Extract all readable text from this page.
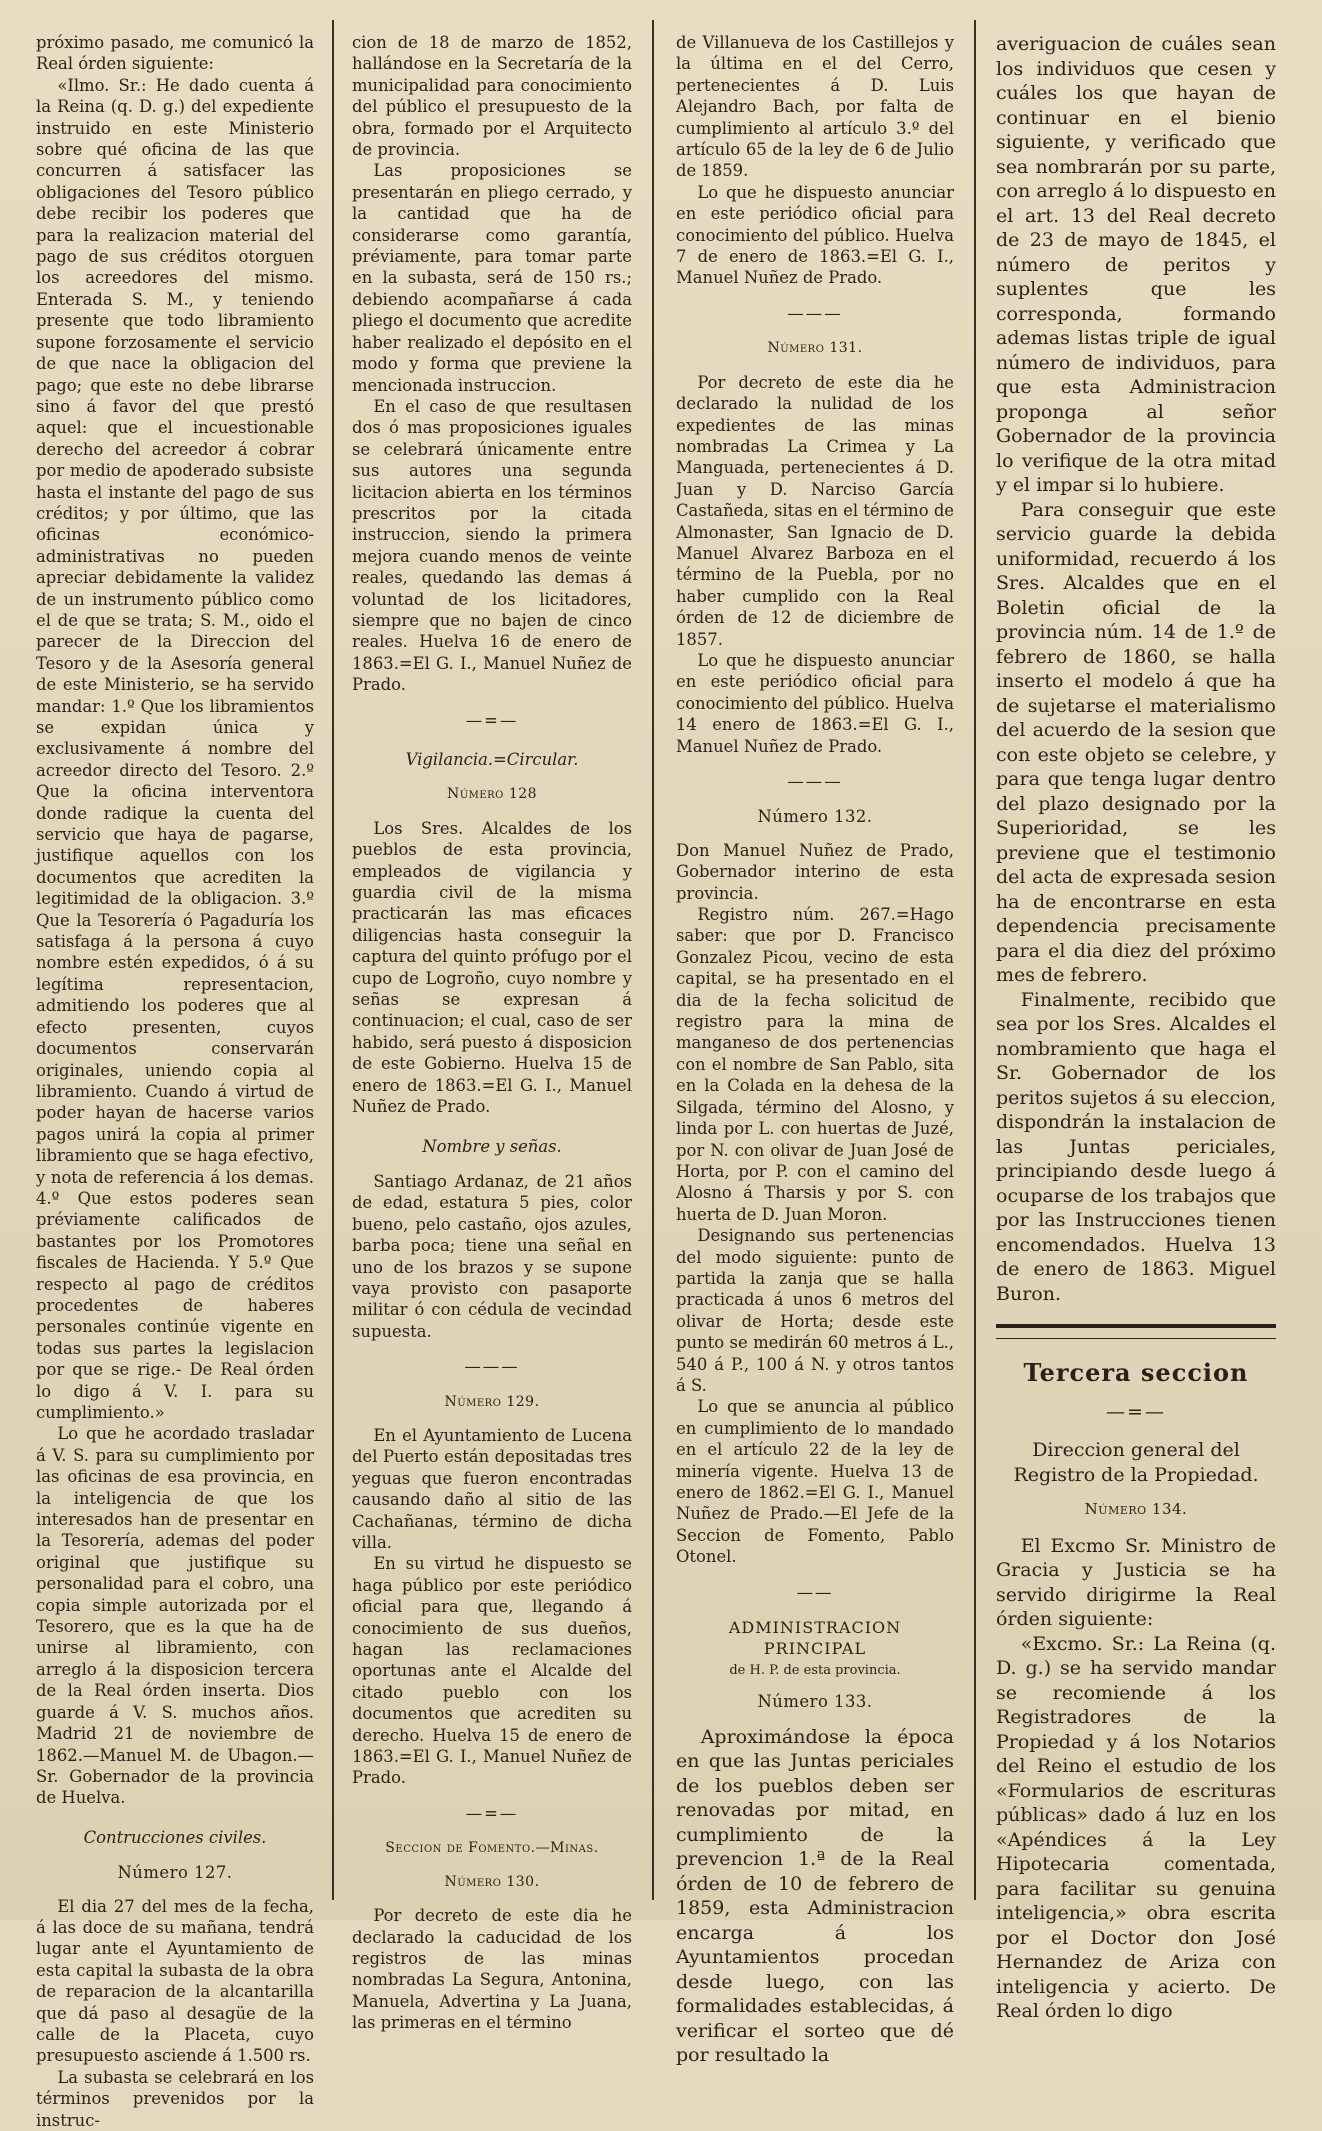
próximo pasado, me comunicó la Real órden siguiente:

«Ilmo. Sr.: He dado cuenta á la Reina (q. D. g.) del expediente instruido en este Ministerio sobre qué oficina de las que concurren á satisfacer las obligaciones del Tesoro público debe recibir los poderes que para la realizacion material del pago de sus créditos otorguen los acreedores del mismo. Enterada S. M., y teniendo presente que todo libramiento supone forzosamente el servicio de que nace la obligacion del pago; que este no debe librarse sino á favor del que prestó aquel: que el incuestionable derecho del acreedor á cobrar por medio de apoderado subsiste hasta el instante del pago de sus créditos; y por último, que las oficinas económico-administrativas no pueden apreciar debidamente la validez de un instrumento público como el de que se trata; S. M., oido el parecer de la Direccion del Tesoro y de la Asesoría general de este Ministerio, se ha servido mandar: 1.º Que los libramientos se expidan única y exclusivamente á nombre del acreedor directo del Tesoro. 2.º Que la oficina interventora donde radique la cuenta del servicio que haya de pagarse, justifique aquellos con los documentos que acrediten la legitimidad de la obligacion. 3.º Que la Tesorería ó Pagaduría los satisfaga á la persona á cuyo nombre estén expedidos, ó á su legítima representacion, admitiendo los poderes que al efecto presenten, cuyos documentos conservarán originales, uniendo copia al libramiento. Cuando á virtud de poder hayan de hacerse varios pagos unirá la copia al primer libramiento que se haga efectivo, y nota de referencia á los demas. 4.º Que estos poderes sean préviamente calificados de bastantes por los Promotores fiscales de Hacienda. Y 5.º Que respecto al pago de créditos procedentes de haberes personales continúe vigente en todas sus partes la legislacion por que se rige.- De Real órden lo digo á V. I. para su cumplimiento.»

Lo que he acordado trasladar á V. S. para su cumplimiento por las oficinas de esa provincia, en la inteligencia de que los interesados han de presentar en la Tesorería, ademas del poder original que justifique su personalidad para el cobro, una copia simple autorizada por el Tesorero, que es la que ha de unirse al libramiento, con arreglo á la disposicion tercera de la Real órden inserta. Dios guarde á V. S. muchos años. Madrid 21 de noviembre de 1862.—Manuel M. de Ubagon.—Sr. Gobernador de la provincia de Huelva.

Contrucciones civiles.
Número 127.

El dia 27 del mes de la fecha, á las doce de su mañana, tendrá lugar ante el Ayuntamiento de esta capital la subasta de la obra de reparacion de la alcantarilla que dá paso al desagüe de la calle de la Placeta, cuyo presupuesto asciende á 1.500 rs.

La subasta se celebrará en los términos prevenidos por la instruc-

cion de 18 de marzo de 1852, hallándose en la Secretaría de la municipalidad para conocimiento del público el presupuesto de la obra, formado por el Arquitecto de provincia.

Las proposiciones se presentarán en pliego cerrado, y la cantidad que ha de considerarse como garantía, préviamente, para tomar parte en la subasta, será de 150 rs.; debiendo acompañarse á cada pliego el documento que acredite haber realizado el depósito en el modo y forma que previene la mencionada instruccion.

En el caso de que resultasen dos ó mas proposiciones iguales se celebrará únicamente entre sus autores una segunda licitacion abierta en los términos prescritos por la citada instruccion, siendo la primera mejora cuando menos de veinte reales, quedando las demas á voluntad de los licitadores, siempre que no bajen de cinco reales. Huelva 16 de enero de 1863.=El G. I., Manuel Nuñez de Prado.

—=—
Vigilancia.=Circular.
Número 128

Los Sres. Alcaldes de los pueblos de esta provincia, empleados de vigilancia y guardia civil de la misma practicarán las mas eficaces diligencias hasta conseguir la captura del quinto prófugo por el cupo de Logroño, cuyo nombre y señas se expresan á continuacion; el cual, caso de ser habido, será puesto á disposicion de este Gobierno. Huelva 15 de enero de 1863.=El G. I., Manuel Nuñez de Prado.

Nombre y señas.

Santiago Ardanaz, de 21 años de edad, estatura 5 pies, color bueno, pelo castaño, ojos azules, barba poca; tiene una señal en uno de los brazos y se supone vaya provisto con pasaporte militar ó con cédula de vecindad supuesta.

———
Número 129.

En el Ayuntamiento de Lucena del Puerto están depositadas tres yeguas que fueron encontradas causando daño al sitio de las Cachañanas, término de dicha villa.

En su virtud he dispuesto se haga público por este periódico oficial para que, llegando á conocimiento de sus dueños, hagan las reclamaciones oportunas ante el Alcalde del citado pueblo con los documentos que acrediten su derecho. Huelva 15 de enero de 1863.=El G. I., Manuel Nuñez de Prado.

—=—
Seccion de Fomento.—Minas.
Número 130.

Por decreto de este dia he declarado la caducidad de los registros de las minas nombradas La Segura, Antonina, Manuela, Advertina y La Juana, las primeras en el término

de Villanueva de los Castillejos y la última en el del Cerro, pertenecientes á D. Luis Alejandro Bach, por falta de cumplimiento al artículo 3.º del artículo 65 de la ley de 6 de Julio de 1859.

Lo que he dispuesto anunciar en este periódico oficial para conocimiento del público. Huelva 7 de enero de 1863.=El G. I., Manuel Nuñez de Prado.

———
Número 131.

Por decreto de este dia he declarado la nulidad de los expedientes de las minas nombradas La Crimea y La Manguada, pertenecientes á D. Juan y D. Narciso García Castañeda, sitas en el término de Almonaster, San Ignacio de D. Manuel Alvarez Barboza en el término de la Puebla, por no haber cumplido con la Real órden de 12 de diciembre de 1857.

Lo que he dispuesto anunciar en este periódico oficial para conocimiento del público. Huelva 14 enero de 1863.=El G. I., Manuel Nuñez de Prado.

———
Número 132.

Don Manuel Nuñez de Prado, Gobernador interino de esta provincia.

Registro núm. 267.=Hago saber: que por D. Francisco Gonzalez Picou, vecino de esta capital, se ha presentado en el dia de la fecha solicitud de registro para la mina de manganeso de dos pertenencias con el nombre de San Pablo, sita en la Colada en la dehesa de la Silgada, término del Alosno, y linda por L. con huertas de Juzé, por N. con olivar de Juan José de Horta, por P. con el camino del Alosno á Tharsis y por S. con huerta de D. Juan Moron.

Designando sus pertenencias del modo siguiente: punto de partida la zanja que se halla practicada á unos 6 metros del olivar de Horta; desde este punto se medirán 60 metros á L., 540 á P., 100 á N. y otros tantos á S.

Lo que se anuncia al público en cumplimiento de lo mandado en el artículo 22 de la ley de minería vigente. Huelva 13 de enero de 1862.=El G. I., Manuel Nuñez de Prado.—El Jefe de la Seccion de Fomento, Pablo Otonel.

——
ADMINISTRACION PRINCIPAL
de H. P. de esta provincia.
Número 133.

Aproximándose la época en que las Juntas periciales de los pueblos deben ser renovadas por mitad, en cumplimiento de la prevencion 1.ª de la Real órden de 10 de febrero de 1859, esta Administracion encarga á los Ayuntamientos procedan desde luego, con las formalidades establecidas, á verificar el sorteo que dé por resultado la

averiguacion de cuáles sean los individuos que cesen y cuáles los que hayan de continuar en el bienio siguiente, y verificado que sea nombrarán por su parte, con arreglo á lo dispuesto en el art. 13 del Real decreto de 23 de mayo de 1845, el número de peritos y suplentes que les corresponda, formando ademas listas triple de igual número de individuos, para que esta Administracion proponga al señor Gobernador de la provincia lo verifique de la otra mitad y el impar si lo hubiere.

Para conseguir que este servicio guarde la debida uniformidad, recuerdo á los Sres. Alcaldes que en el Boletin oficial de la provincia núm. 14 de 1.º de febrero de 1860, se halla inserto el modelo á que ha de sujetarse el materialismo del acuerdo de la sesion que con este objeto se celebre, y para que tenga lugar dentro del plazo designado por la Superioridad, se les previene que el testimonio del acta de expresada sesion ha de encontrarse en esta dependencia precisamente para el dia diez del próximo mes de febrero.

Finalmente, recibido que sea por los Sres. Alcaldes el nombramiento que haga el Sr. Gobernador de los peritos sujetos á su eleccion, dispondrán la instalacion de las Juntas periciales, principiando desde luego á ocuparse de los trabajos que por las Instrucciones tienen encomendados. Huelva 13 de enero de 1863. Miguel Buron.

Tercera seccion
—=—
Direccion general del Registro de la Propiedad.
Número 134.

El Excmo Sr. Ministro de Gracia y Justicia se ha servido dirigirme la Real órden siguiente:

«Excmo. Sr.: La Reina (q. D. g.) se ha servido mandar se recomiende á los Registradores de la Propiedad y á los Notarios del Reino el estudio de los «Formularios de escrituras públicas» dado á luz en los «Apéndices á la Ley Hipotecaria comentada, para facilitar su genuina inteligencia,» obra escrita por el Doctor don José Hernandez de Ariza con inteligencia y acierto. De Real órden lo digo
